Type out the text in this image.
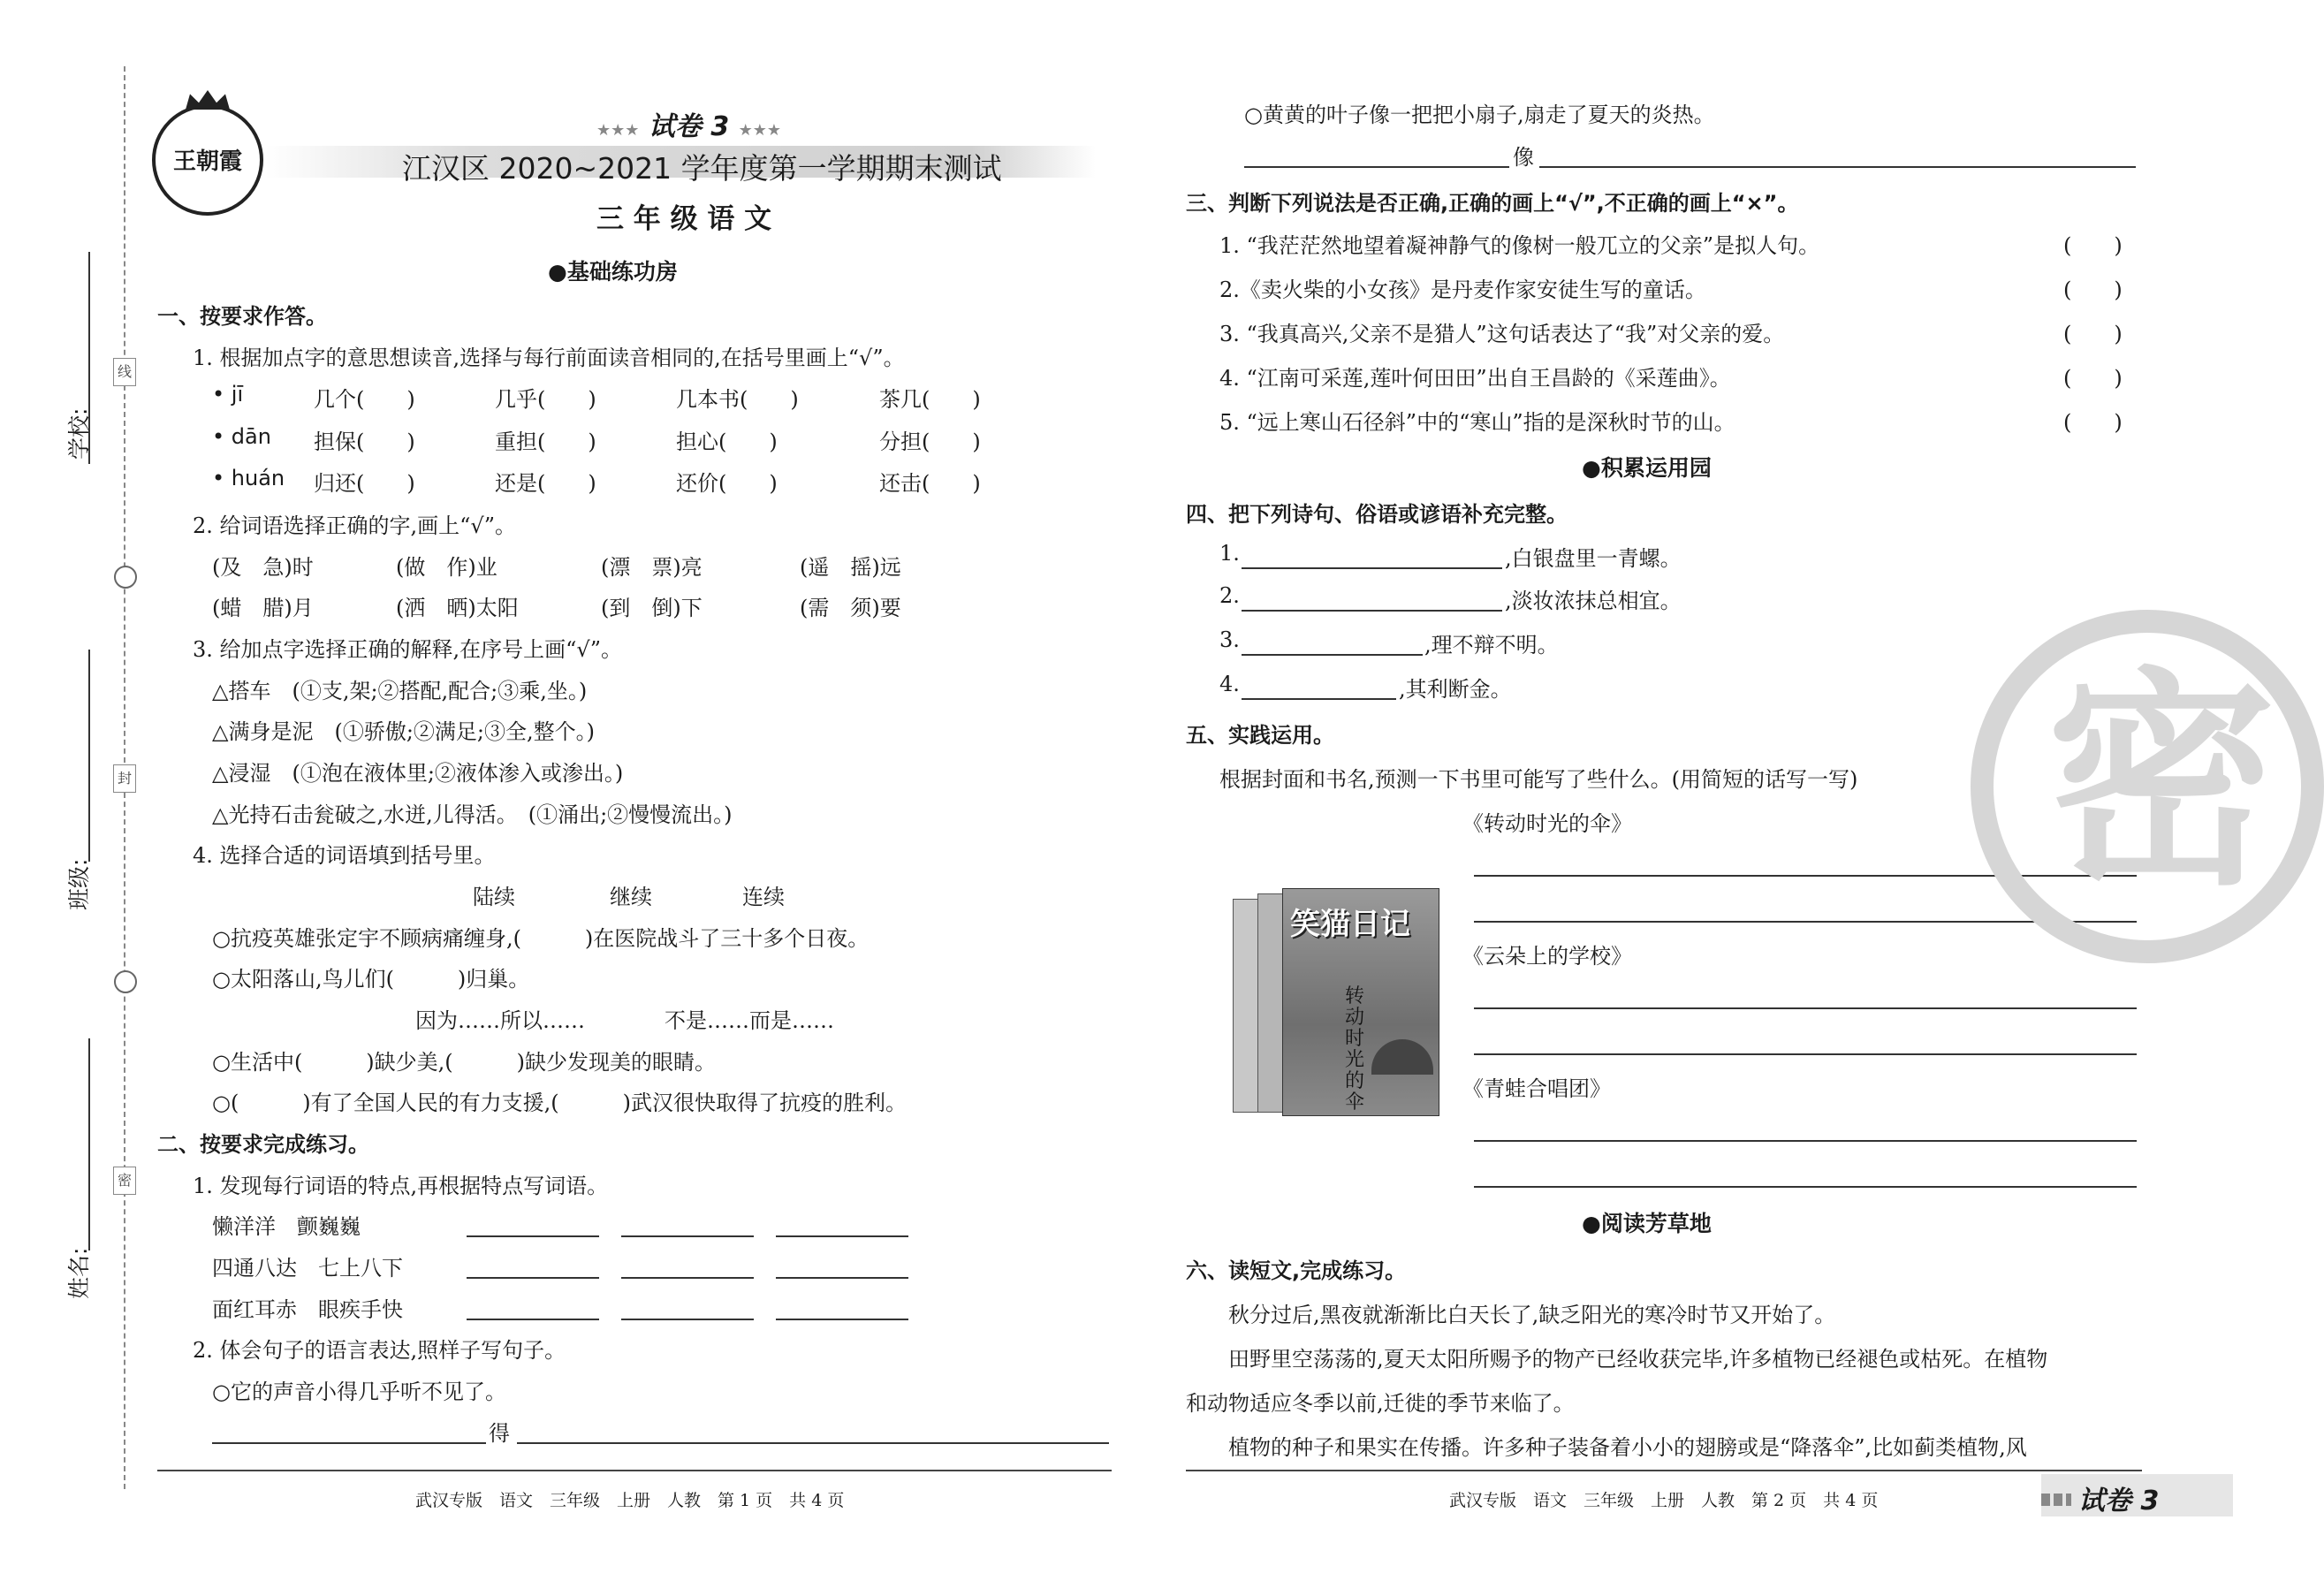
学校:
班级:
姓名:
线
封
密
王朝霞
★★★ 试卷 3 ★★★
江汉区 2020~2021 学年度第一学期期末测试
三 年 级 语 文
●基础练功房
一、按要求作答。
1. 根据加点字的意思想读音,选择与每行前面读音相同的,在括号里画上“√”。
• jī	几个(　　)	几乎(　　)	几本书(　　)	茶几(　　)
• dān 担保(　　)	重担(　　)	担心(　　)	分担(　　)
• huán 归还(　　)	还是(　　)	还价(　　)	还击(　　)
2. 给词语选择正确的字,画上“√”。
(及　急)时	(做　作)业	(漂　票)亮	(遥　摇)远
(蜡　腊)月	(洒　晒)太阳	(到　倒)下	(需　须)要
3. 给加点字选择正确的解释,在序号上画“√”。
△搭车　(①支,架;②搭配,配合;③乘,坐。)
△满身是泥　(①骄傲;②满足;③全,整个。)
△浸湿　(①泡在液体里;②液体渗入或渗出。)
△光持石击瓮破之,水迸,儿得活。　(①涌出;②慢慢流出。)
4. 选择合适的词语填到括号里。
陆续	继续	连续
○抗疫英雄张定宇不顾病痛缠身,(　　　)在医院战斗了三十多个日夜。
○太阳落山,鸟儿们(　　　)归巢。
因为……所以……	不是……而是……
○生活中(　　　)缺少美,(　　　)缺少发现美的眼睛。
○(　　　)有了全国人民的有力支援,(　　　)武汉很快取得了抗疫的胜利。
二、按要求完成练习。
1. 发现每行词语的特点,再根据特点写词语。
懒洋洋　颤巍巍
四通八达　七上八下
面红耳赤　眼疾手快
2. 体会句子的语言表达,照样子写句子。
○它的声音小得几乎听不见了。
得
武汉专版　语文　三年级　上册　人教　第 1 页　共 4 页
○黄黄的叶子像一把把小扇子,扇走了夏天的炎热。
像
三、判断下列说法是否正确,正确的画上“√”,不正确的画上“×”。
1. “我茫茫然地望着凝神静气的像树一般兀立的父亲”是拟人句。	(　　)
2.《卖火柴的小女孩》是丹麦作家安徒生写的童话。	(　　)
3. “我真高兴,父亲不是猎人”这句话表达了“我”对父亲的爱。	(　　)
4. “江南可采莲,莲叶何田田”出自王昌龄的《采莲曲》。	(　　)
5. “远上寒山石径斜”中的“寒山”指的是深秋时节的山。	(　　)
●积累运用园
四、把下列诗句、俗语或谚语补充完整。
1.	,白银盘里一青螺。
2.	,淡妆浓抹总相宜。
3.	,理不辩不明。
4.	,其利断金。
五、实践运用。
根据封面和书名,预测一下书里可能写了些什么。(用简短的话写一写)
笑猫日记
转动时光的伞
《转动时光的伞》
《云朵上的学校》
《青蛙合唱团》
●阅读芳草地
六、读短文,完成练习。
秋分过后,黑夜就渐渐比白天长了,缺乏阳光的寒冷时节又开始了。
田野里空荡荡的,夏天太阳所赐予的物产已经收获完毕,许多植物已经褪色或枯死。在植物
和动物适应冬季以前,迁徙的季节来临了。
植物的种子和果实在传播。许多种子装备着小小的翅膀或是“降落伞”,比如蓟类植物,风
武汉专版　语文　三年级　上册　人教　第 2 页　共 4 页	试卷 3
密
